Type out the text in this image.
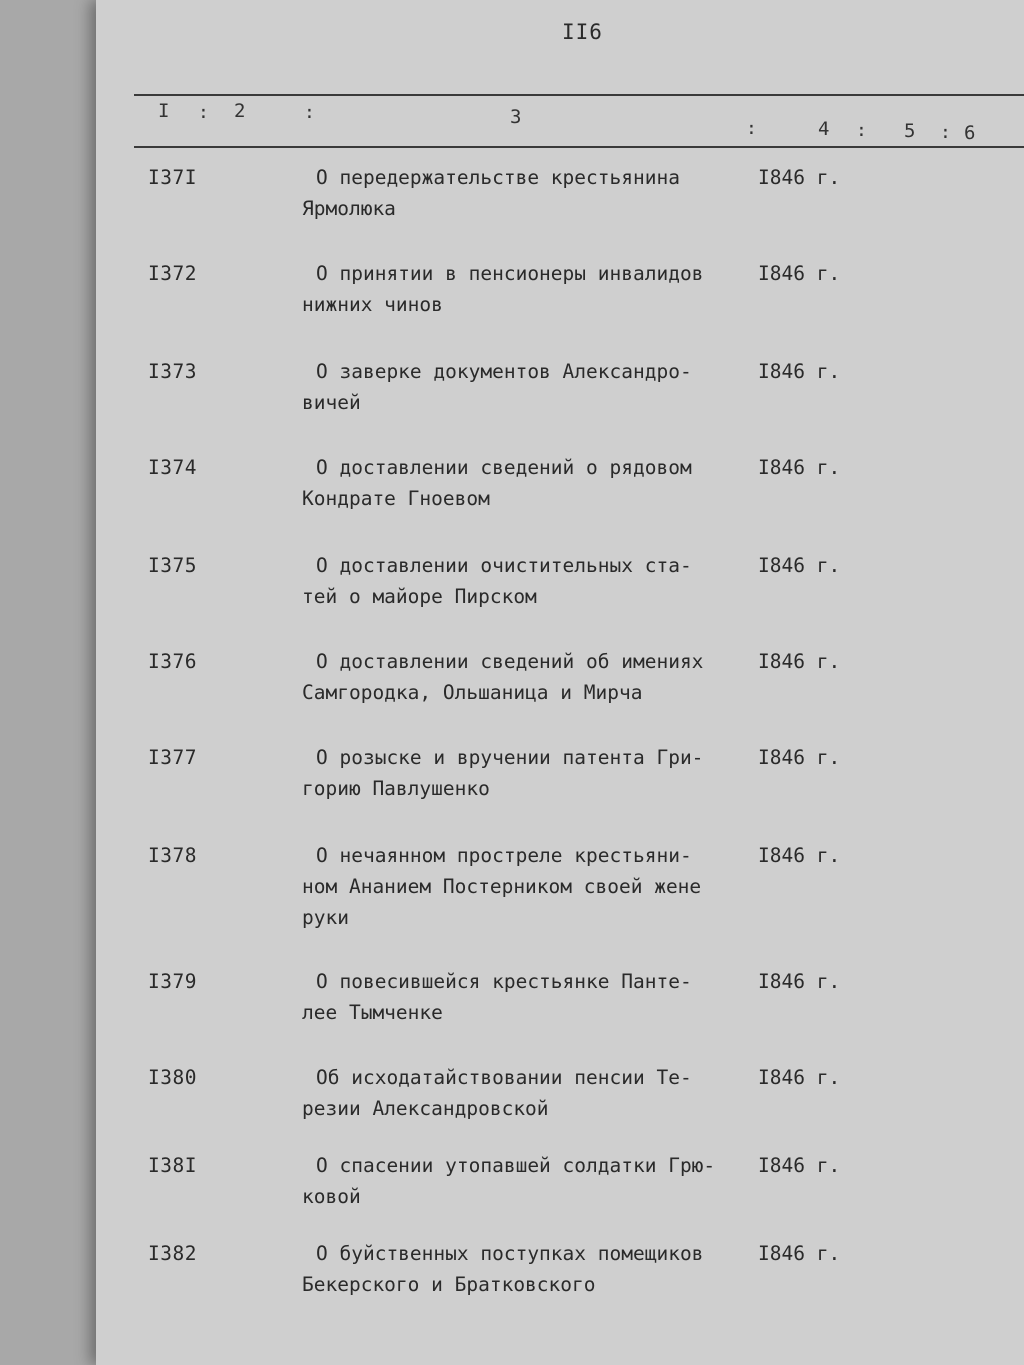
II6
I : 2	:	3
:	4 : 5 : 6
I37I	О передержательстве крестьянина
Ярмолюка
I846 г.
I372	О принятии в пенсионеры инвалидов
нижних чинов
I846 г.
I373	О заверке документов Александро-
вичей
I846 г.
I374	О доставлении сведений о рядовом
Кондрате Гноевом
I846 г.
I375	О доставлении очистительных ста-
тей о майоре Пирском
I846 г.
I376	О доставлении сведений об имениях
Самгородка, Ольшаница и Мирча
I846 г.
I377	О розыске и вручении патента Гри-
горию Павлушенко
I846 г.
I378	О нечаянном простреле крестьяни-
ном Ананием Постерником своей жене
руки
I846 г.
I379	О повесившейся крестьянке Панте-
лее Тымченке
I846 г.
I380	Об исходатайствовании пенсии Те-
резии Александровской
I846 г.
I38I	О спасении утопавшей солдатки Грю-
ковой
I846 г.
I382	О буйственных поступках помещиков
Бекерского и Братковского
I846 г.
